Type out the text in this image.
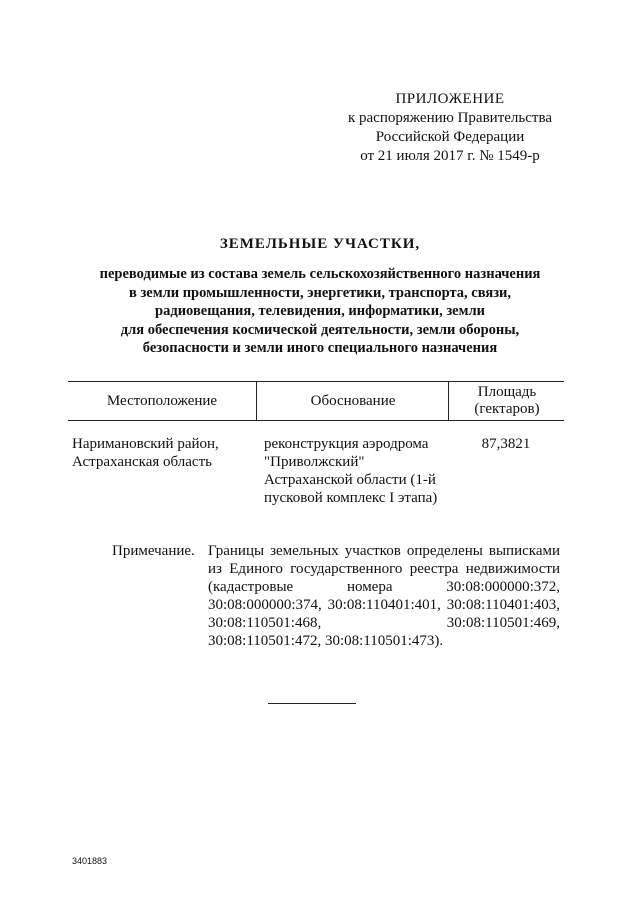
ПРИЛОЖЕНИЕ
к распоряжению Правительства
Российской Федерации
от 21 июля 2017 г. № 1549-р
ЗЕМЕЛЬНЫЕ УЧАСТКИ,
переводимые из состава земель сельскохозяйственного назначения
в земли промышленности, энергетики, транспорта, связи,
радиовещания, телевидения, информатики, земли
для обеспечения космической деятельности, земли обороны,
безопасности и земли иного специального назначения
Местоположение	Обоснование
Площадь (гектаров)
Наримановский район, Астраханская область
реконструкция аэродрома "Приволжский" Астраханской области (1-й пусковой комплекс I этапа)
87,3821
Примечание. Границы земельных участков определены выписками из Единого государственного реестра недвижимости (кадастровые номера 30:08:000000:372, 30:08:000000:374, 30:08:110401:401, 30:08:110401:403, 30:08:110501:468, 30:08:110501:469,
30:08:110501:472, 30:08:110501:473).
3401883
